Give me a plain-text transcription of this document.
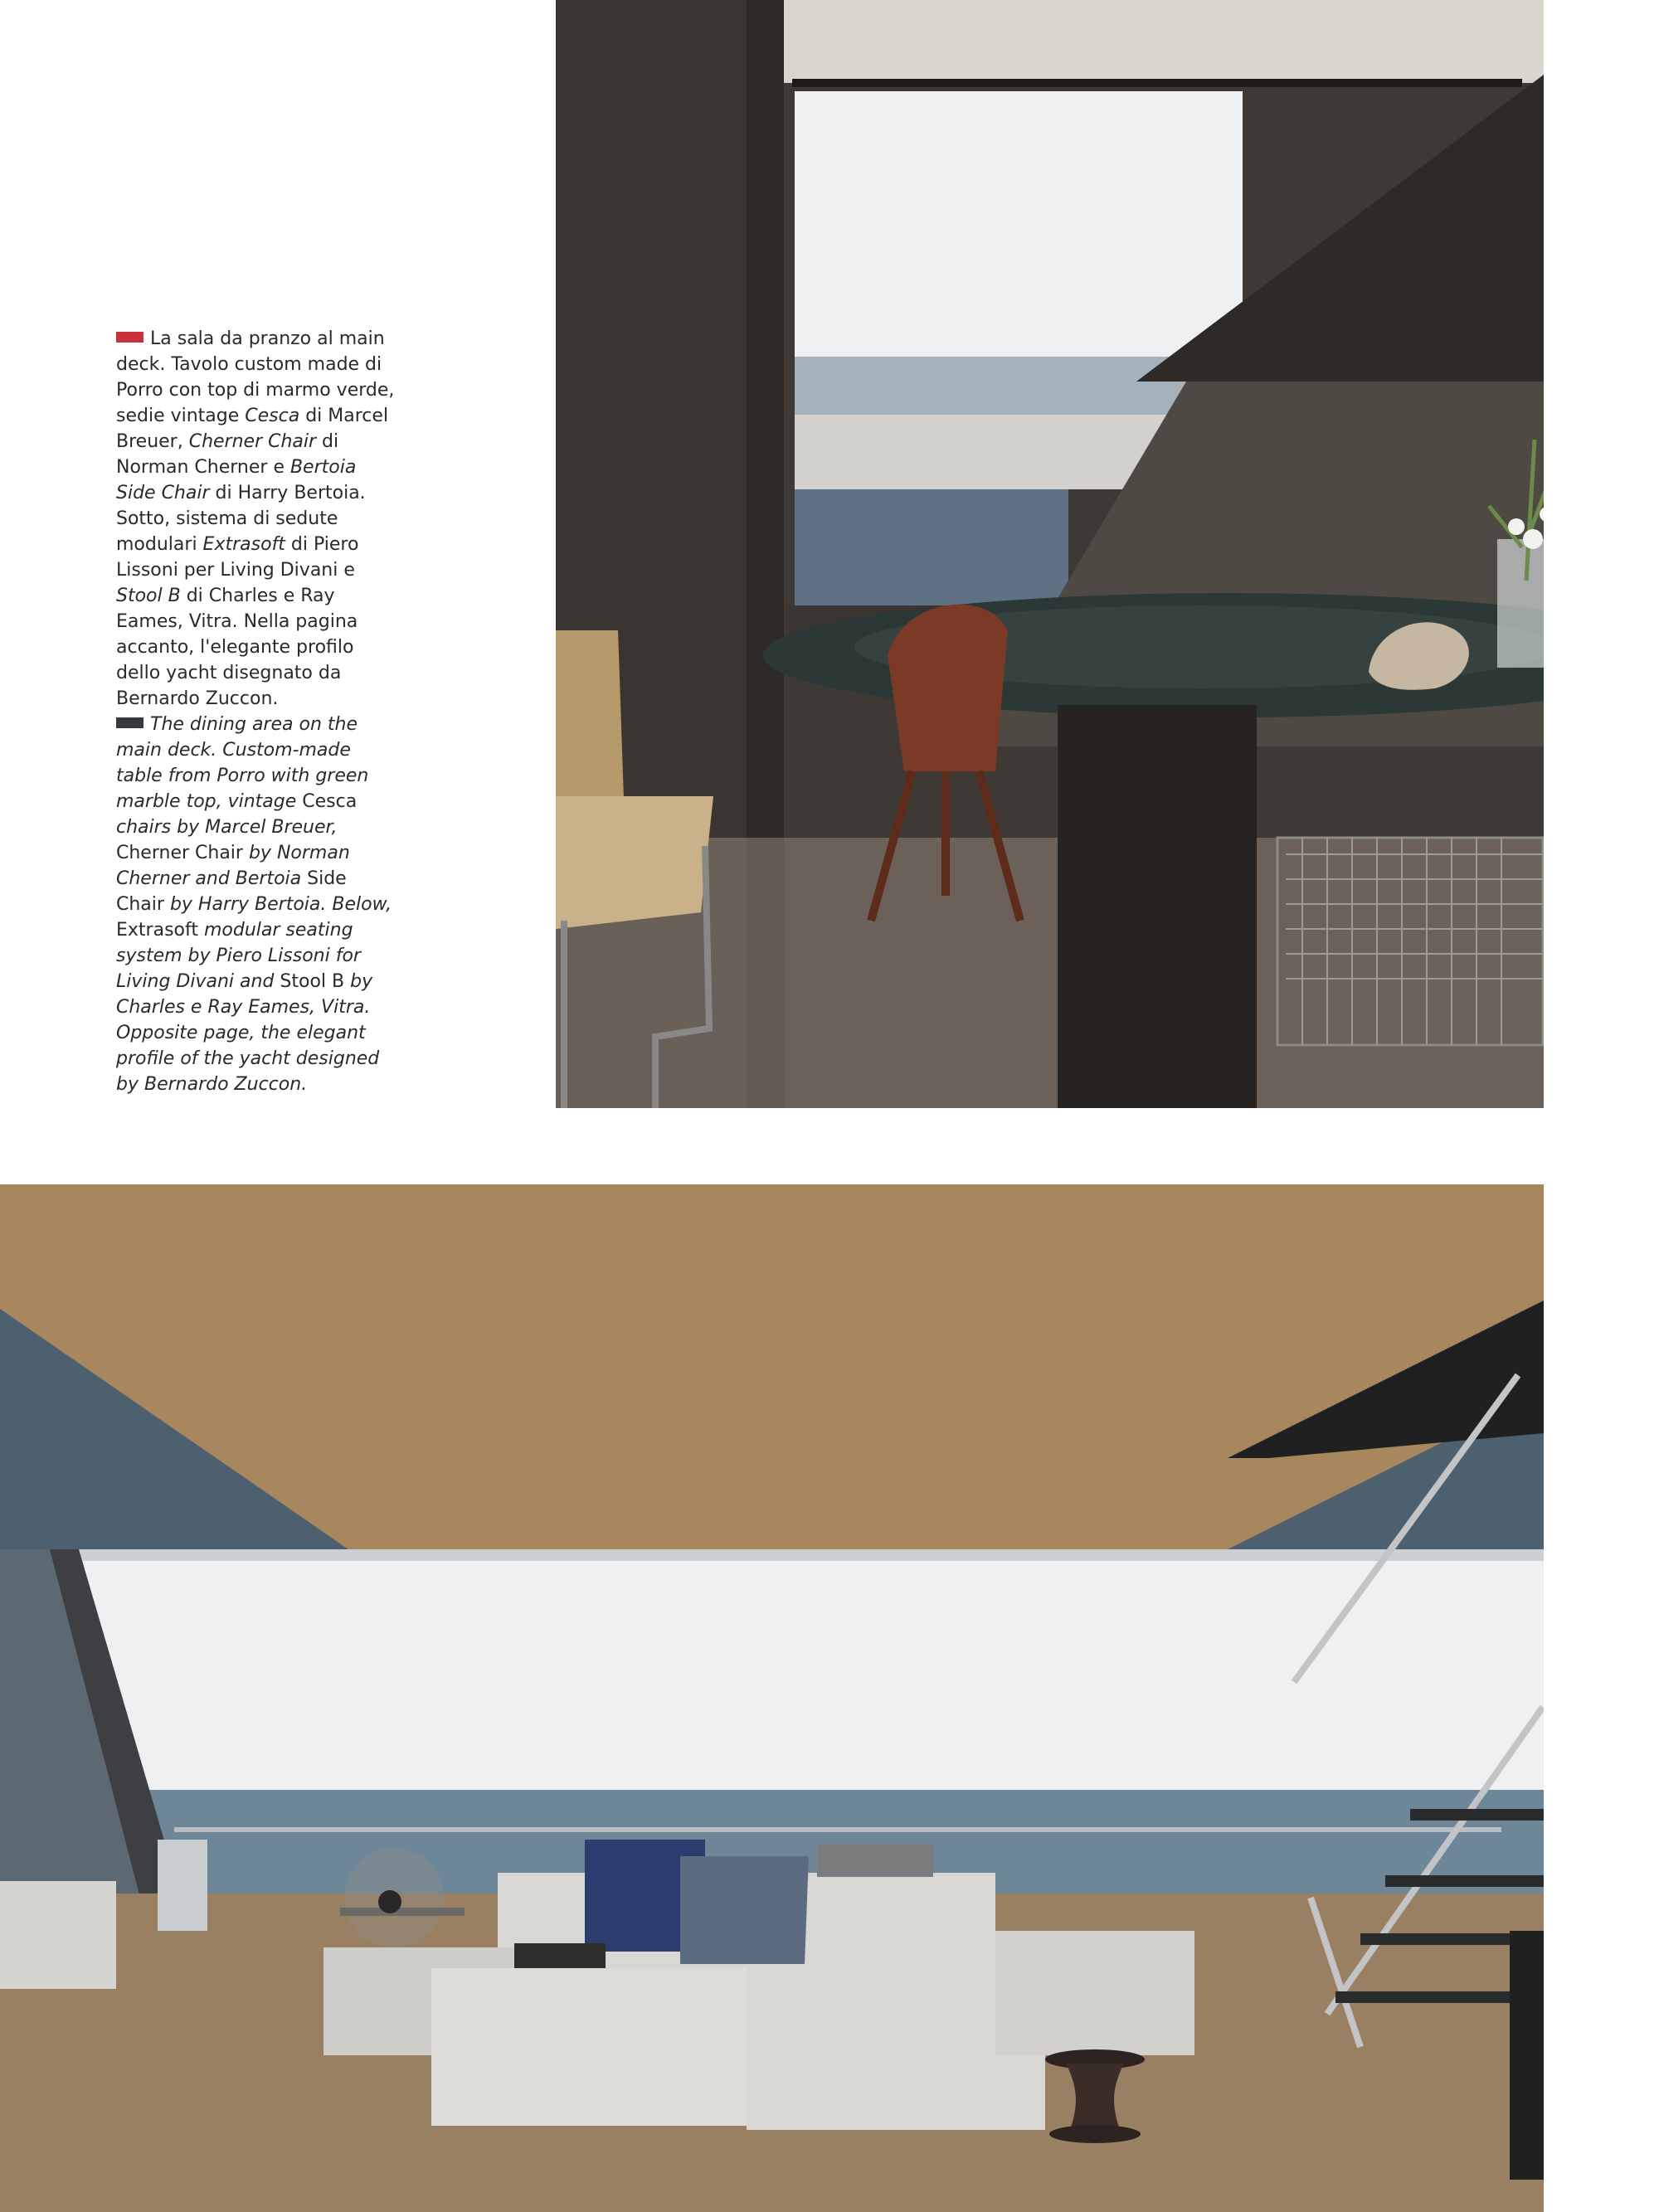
La sala da pranzo al main deck. Tavolo custom made di Porro con top di marmo verde, sedie vintage Cesca di Marcel Breuer, Cherner Chair di Norman Cherner e Bertoia Side Chair di Harry Bertoia. Sotto, sistema di sedute modulari Extrasoft di Piero Lissoni per Living Divani e Stool B di Charles e Ray Eames, Vitra. Nella pagina accanto, l'elegante profilo dello yacht disegnato da Bernardo Zuccon.

The dining area on the main deck. Custom-made table from Porro with green marble top, vintage Cesca chairs by Marcel Breuer, Cherner Chair by Norman Cherner and Bertoia Side Chair by Harry Bertoia. Below, Extrasoft modular seating system by Piero Lissoni for Living Divani and Stool B by Charles e Ray Eames, Vitra. Opposite page, the elegant profile of the yacht designed by Bernardo Zuccon.
